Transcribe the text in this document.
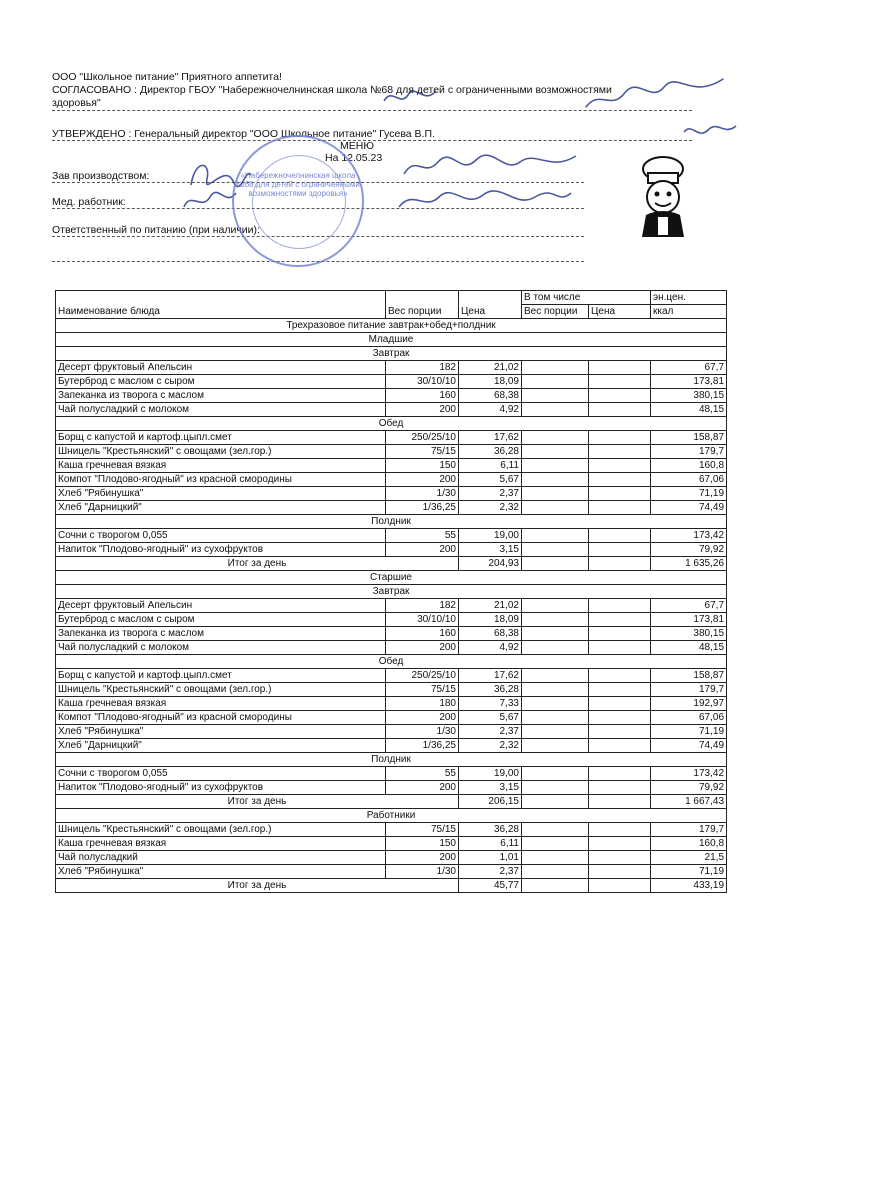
ООО "Школьное питание" Приятного аппетита!
СОГЛАСОВАНО : Директор ГБОУ "Набережночелнинская школа №68 для детей с ограниченными возможностями
здоровья"
УТВЕРЖДЕНО : Генеральный директор "ООО Школьное питание" Гусева В.П.
МЕНЮ
На 12.05.23
Зав производством:
Мед. работник:
Ответственный по питанию (при наличии):
«Набережночелнинская школа №68 для детей с ограниченными возможностями здоровья»
Наименование блюда	Вес порции	Цена	В том числе		эн.цен.
			Вес порции	Цена	ккал
Трехразовое питание завтрак+обед+полдник					
Младшие					
Завтрак					
Десерт фруктовый Апельсин	182	21,02			67,7
Бутерброд с маслом с сыром	30/10/10	18,09			173,81
Запеканка из творога с маслом	160	68,38			380,15
Чай полусладкий с молоком	200	4,92			48,15
Обед					
Борщ с капустой и картоф.цыпл.смет	250/25/10	17,62			158,87
Шницель "Крестьянский" с овощами (зел.гор.)	75/15	36,28			179,7
Каша гречневая вязкая	150	6,11			160,8
Компот "Плодово-ягодный" из красной смородины	200	5,67			67,06
Хлеб "Рябинушка"	1/30	2,37			71,19
Хлеб "Дарницкий"	1/36,25	2,32			74,49
Полдник					
Сочни с творогом 0,055	55	19,00			173,42
Напиток "Плодово-ягодный" из сухофруктов	200	3,15			79,92
Итог за день		204,93			1 635,26
Старшие					
Завтрак					
Десерт фруктовый Апельсин	182	21,02			67,7
Бутерброд с маслом с сыром	30/10/10	18,09			173,81
Запеканка из творога с маслом	160	68,38			380,15
Чай полусладкий с молоком	200	4,92			48,15
Обед					
Борщ с капустой и картоф.цыпл.смет	250/25/10	17,62			158,87
Шницель "Крестьянский" с овощами (зел.гор.)	75/15	36,28			179,7
Каша гречневая вязкая	180	7,33			192,97
Компот "Плодово-ягодный" из красной смородины	200	5,67			67,06
Хлеб "Рябинушка"	1/30	2,37			71,19
Хлеб "Дарницкий"	1/36,25	2,32			74,49
Полдник					
Сочни с творогом 0,055	55	19,00			173,42
Напиток "Плодово-ягодный" из сухофруктов	200	3,15			79,92
Итог за день		206,15			1 667,43
Работники					
Шницель "Крестьянский" с овощами (зел.гор.)	75/15	36,28			179,7
Каша гречневая вязкая	150	6,11			160,8
Чай полусладкий	200	1,01			21,5
Хлеб "Рябинушка"	1/30	2,37			71,19
Итог за день		45,77			433,19
